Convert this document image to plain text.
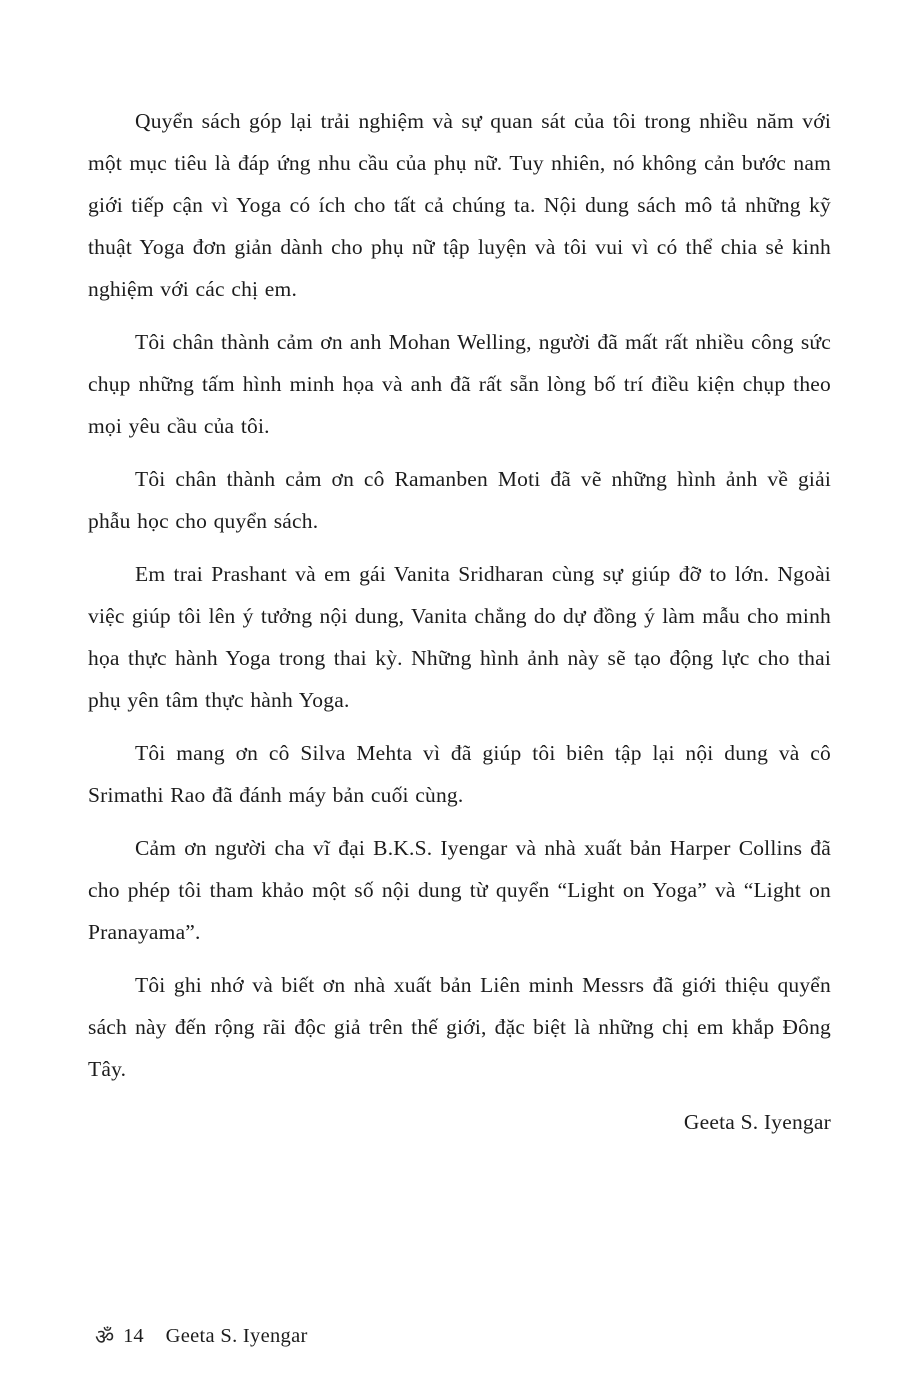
Quyển sách góp lại trải nghiệm và sự quan sát của tôi trong nhiều năm với một mục tiêu là đáp ứng nhu cầu của phụ nữ. Tuy nhiên, nó không cản bước nam giới tiếp cận vì Yoga có ích cho tất cả chúng ta. Nội dung sách mô tả những kỹ thuật Yoga đơn giản dành cho phụ nữ tập luyện và tôi vui vì có thể chia sẻ kinh nghiệm với các chị em.

Tôi chân thành cảm ơn anh Mohan Welling, người đã mất rất nhiều công sức chụp những tấm hình minh họa và anh đã rất sẵn lòng bố trí điều kiện chụp theo mọi yêu cầu của tôi.

Tôi chân thành cảm ơn cô Ramanben Moti đã vẽ những hình ảnh về giải phẫu học cho quyển sách.

Em trai Prashant và em gái Vanita Sridharan cùng sự giúp đỡ to lớn. Ngoài việc giúp tôi lên ý tưởng nội dung, Vanita chẳng do dự đồng ý làm mẫu cho minh họa thực hành Yoga trong thai kỳ. Những hình ảnh này sẽ tạo động lực cho thai phụ yên tâm thực hành Yoga.

Tôi mang ơn cô Silva Mehta vì đã giúp tôi biên tập lại nội dung và cô Srimathi Rao đã đánh máy bản cuối cùng.

Cảm ơn người cha vĩ đại B.K.S. Iyengar và nhà xuất bản Harper Collins đã cho phép tôi tham khảo một số nội dung từ quyển “Light on Yoga” và “Light on Pranayama”.

Tôi ghi nhớ và biết ơn nhà xuất bản Liên minh Messrs đã giới thiệu quyển sách này đến rộng rãi độc giả trên thế giới, đặc biệt là những chị em khắp Đông Tây.

Geeta S. Iyengar
ॐ 14 Geeta S. Iyengar
